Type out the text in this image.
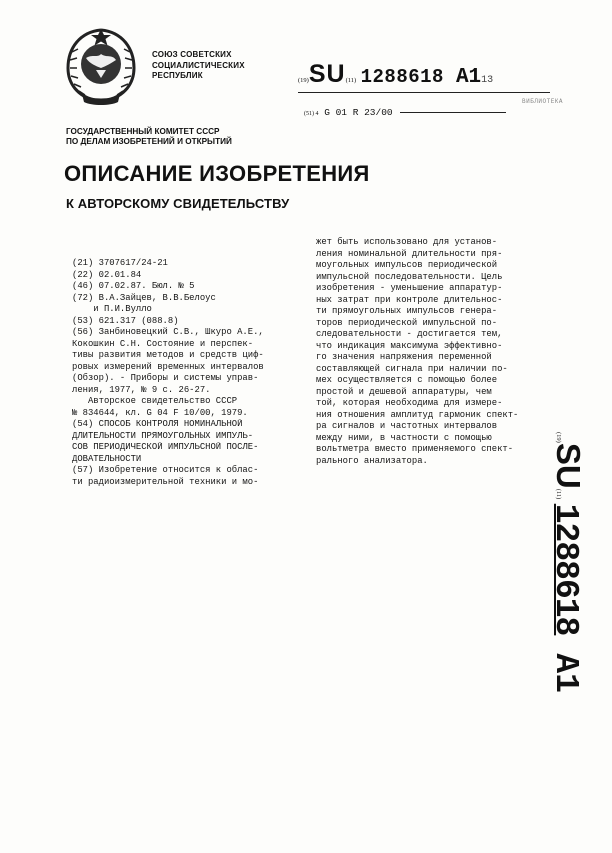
СОЮЗ СОВЕТСКИХ
СОЦИАЛИСТИЧЕСКИХ
РЕСПУБЛИК
(19)SU(11) 1288618 A113
ВИБЛИОТЕКА
(51) 4 G 01 R 23/00
ГОСУДАРСТВЕННЫЙ КОМИТЕТ СССР
ПО ДЕЛАМ ИЗОБРЕТЕНИЙ И ОТКРЫТИЙ
ОПИСАНИЕ ИЗОБРЕТЕНИЯ
К АВТОРСКОМУ СВИДЕТЕЛЬСТВУ
(21) 3707617/24-21
(22) 02.01.84
(46) 07.02.87. Бюл. № 5
(72) В.А.Зайцев, В.В.Белоус
и П.И.Вулло
(53) 621.317 (088.8)
(56) Занбиновецкий С.В., Шкуро А.Е.,
Кокошкин С.Н. Состояние и перспек-
тивы развития методов и средств циф-
ровых измерений временных интервалов
(Обзор). - Приборы и системы управ-
ления, 1977, № 9 с. 26-27.
Авторское свидетельство СССР
№ 834644, кл. G 04 F 10/00, 1979.
(54) СПОСОБ КОНТРОЛЯ НОМИНАЛЬНОЙ
ДЛИТЕЛЬНОСТИ ПРЯМОУГОЛЬНЫХ ИМПУЛЬ-
СОВ ПЕРИОДИЧЕСКОЙ ИМПУЛЬСНОЙ ПОСЛЕ-
ДОВАТЕЛЬНОСТИ
(57) Изобретение относится к облас-
ти радиоизмерительной техники и мо-
жет быть использовано для установ-
ления номинальной длительности пря-
моугольных импульсов периодической
импульсной последовательности. Цель
изобретения - уменьшение аппаратур-
ных затрат при контроле длительнос-
ти прямоугольных импульсов генера-
торов периодической импульсной по-
следовательности - достигается тем,
что индикация максимума эффективно-
го значения напряжения переменной
составляющей сигнала при наличии по-
мех осуществляется с помощью более
простой и дешевой аппаратуры, чем
той, которая необходима для измере-
ния отношения амплитуд гармоник спект-
ра сигналов и частотных интервалов
между ними, в частности с помощью
вольтметра вместо применяемого спект-
рального анализатора.
(19)SU(11) 1288618A1
